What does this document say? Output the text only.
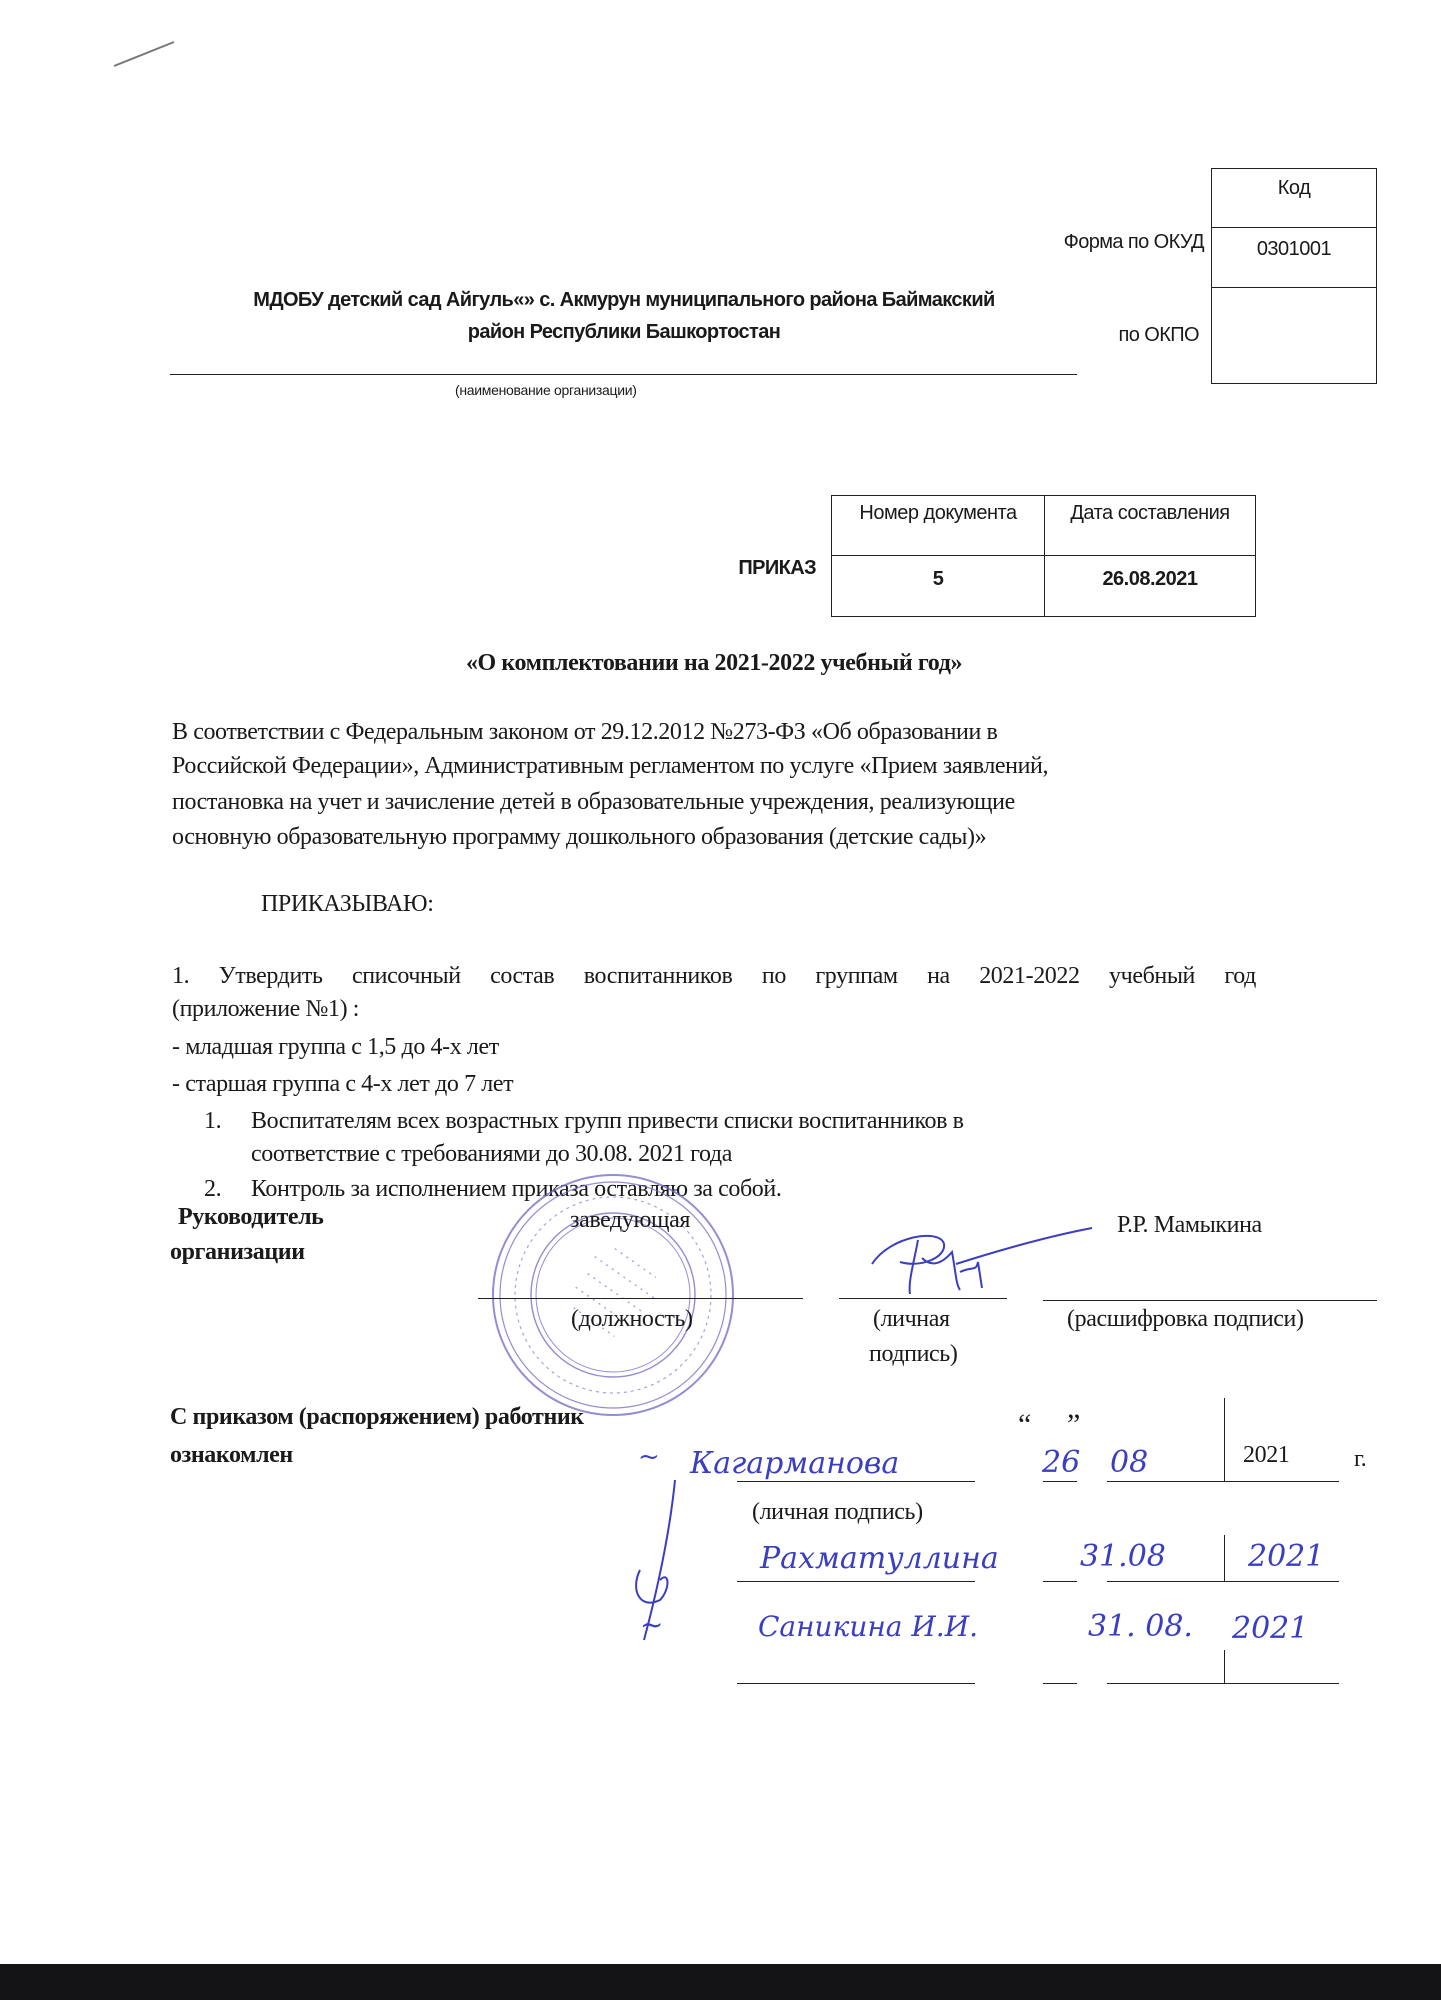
Код
0301001

Форма по ОКУД
по ОКПО
МДОБУ детский сад Айгуль«» с. Акмурун муниципального района Баймакский
район Республики Башкортостан
(наименование организации)
ПРИКАЗ
Номер документа	Дата составления
5	26.08.2021
«О комплектовании на 2021-2022 учебный год»
В соответствии с Федеральным законом от 29.12.2012 №273-ФЗ «Об образовании в
Российской Федерации», Административным регламентом по услуге «Прием заявлений,
постановка на учет и зачисление детей в образовательные учреждения, реализующие
основную образовательную программу дошкольного образования (детские сады)»
ПРИКАЗЫВАЮ:
1. Утвердить списочный состав воспитанников по группам на 2021-2022 учебный год
(приложение №1) :
- младшая группа с 1,5 до 4-х лет
- старшая группа с 4-х лет до 7 лет
1. Воспитателям всех возрастных групп привести списки воспитанников в
соответствие с требованиями до 30.08. 2021 года
2. Контроль за исполнением приказа оставляю за собой.
Руководитель
организации
заведующая	Р.Р. Мамыкина
(должность)	(личная
подпись)
(расшифровка подписи)
С приказом (распоряжением) работник
ознакомлен
“ ”
2021	г.
~ Кагарманова	26 08
(личная подпись)
Рахматуллина	31.08	2021
~	Саникина И.И.	31. 08. 2021
